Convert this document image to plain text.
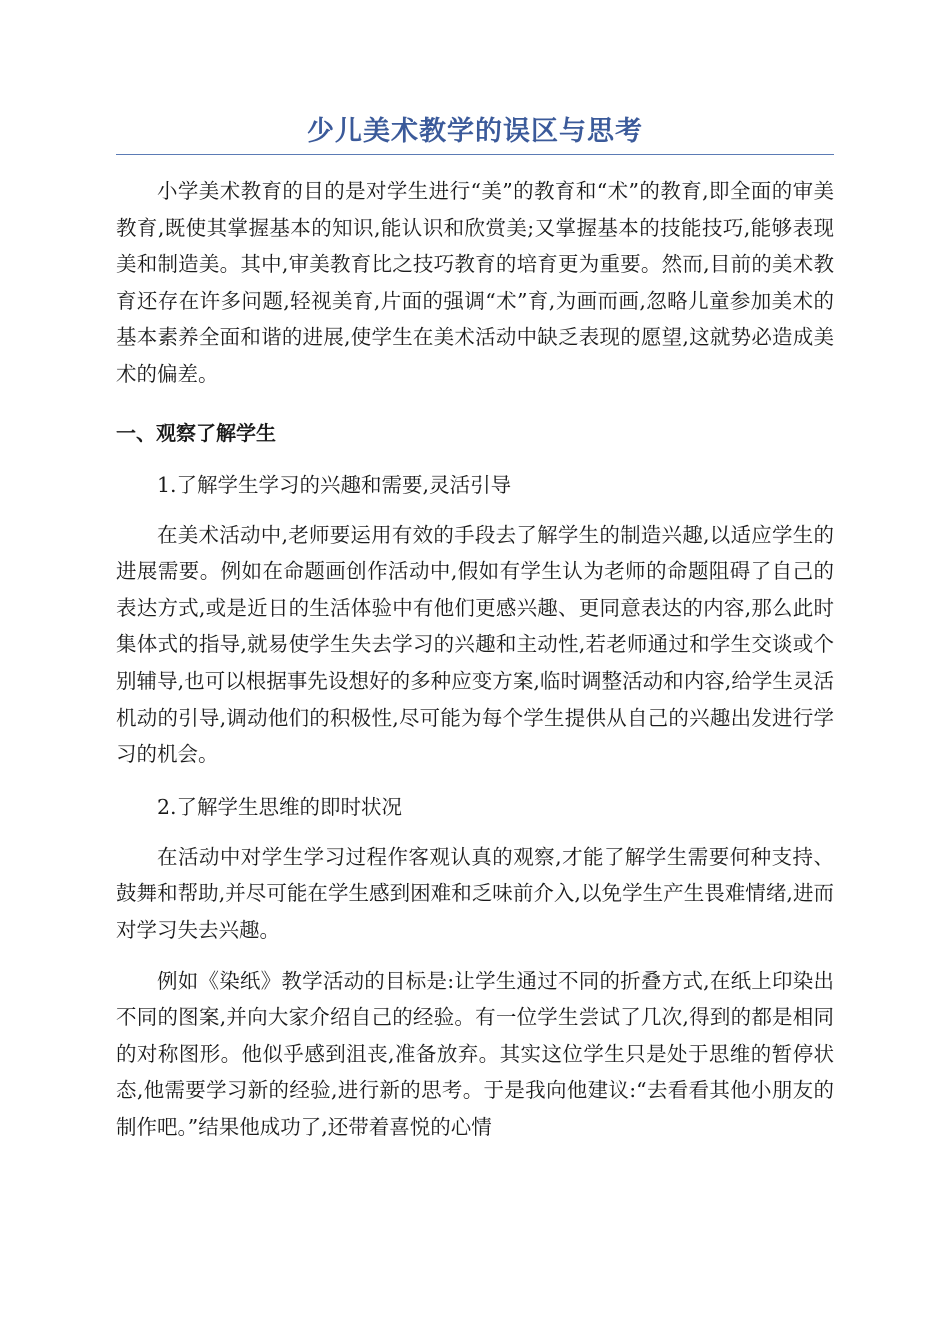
少儿美术教学的误区与思考

小学美术教育的目的是对学生进行“美”的教育和“术”的教育,即全面的审美教育,既使其掌握基本的知识,能认识和欣赏美;又掌握基本的技能技巧,能够表现美和制造美。其中,审美教育比之技巧教育的培育更为重要。然而,目前的美术教育还存在许多问题,轻视美育,片面的强调“术”育,为画而画,忽略儿童参加美术的基本素养全面和谐的进展,使学生在美术活动中缺乏表现的愿望,这就势必造成美术的偏差。

一、观察了解学生

1.了解学生学习的兴趣和需要,灵活引导

在美术活动中,老师要运用有效的手段去了解学生的制造兴趣,以适应学生的进展需要。例如在命题画创作活动中,假如有学生认为老师的命题阻碍了自己的表达方式,或是近日的生活体验中有他们更感兴趣、更同意表达的内容,那么此时集体式的指导,就易使学生失去学习的兴趣和主动性,若老师通过和学生交谈或个别辅导,也可以根据事先设想好的多种应变方案,临时调整活动和内容,给学生灵活机动的引导,调动他们的积极性,尽可能为每个学生提供从自己的兴趣出发进行学习的机会。

2.了解学生思维的即时状况

在活动中对学生学习过程作客观认真的观察,才能了解学生需要何种支持、鼓舞和帮助,并尽可能在学生感到困难和乏味前介入,以免学生产生畏难情绪,进而对学习失去兴趣。

例如《染纸》教学活动的目标是:让学生通过不同的折叠方式,在纸上印染出不同的图案,并向大家介绍自己的经验。有一位学生尝试了几次,得到的都是相同的对称图形。他似乎感到沮丧,准备放弃。其实这位学生只是处于思维的暂停状态,他需要学习新的经验,进行新的思考。于是我向他建议:“去看看其他小朋友的制作吧。”结果他成功了,还带着喜悦的心情
